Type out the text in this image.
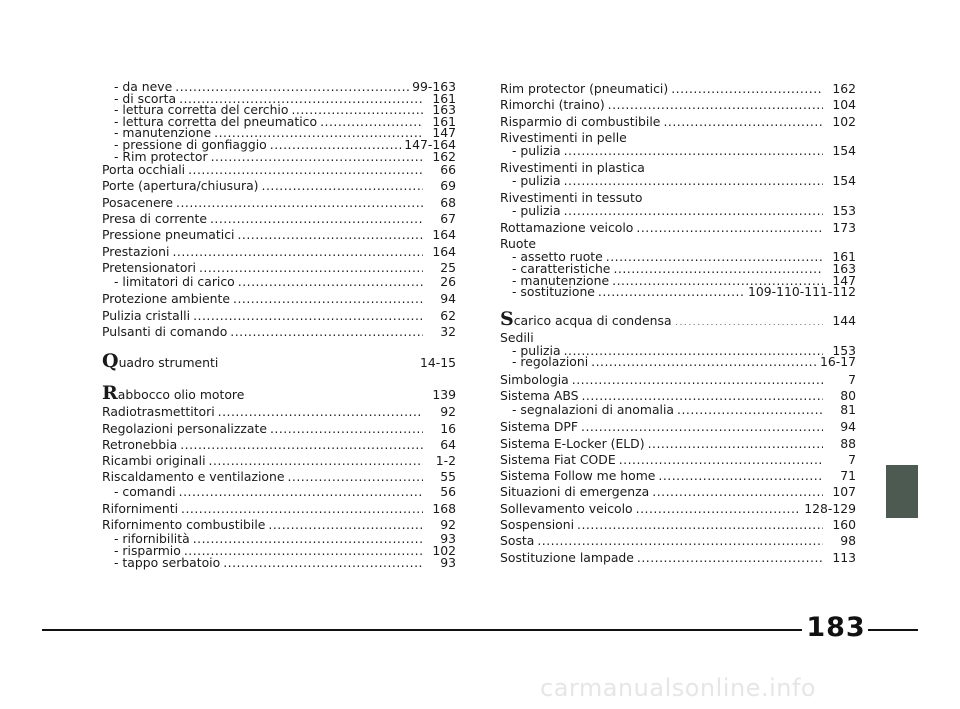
- da neve .....	99-163
- di scorta .....	161
- lettura corretta del cerchio .....	163
- lettura corretta del pneumatico .....	161
- manutenzione .....	147
- pressione di gonfiaggio .....	147-164
- Rim protector .....	162
Porta occhiali .....	66
Porte (apertura/chiusura) .....	69
Posacenere .....	68
Presa di corrente .....	67
Pressione pneumatici .....	164
Prestazioni .....	164
Pretensionatori .....	25
- limitatori di carico .....	26
Protezione ambiente .....	94
Pulizia cristalli .....	62
Pulsanti di comando .....	32
Quadro strumenti .....	14-15
Rabbocco olio motore .....	139
Radiotrasmettitori .....	92
Regolazioni personalizzate .....	16
Retronebbia .....	64
Ricambi originali .....	1-2
Riscaldamento e ventilazione .....	55
- comandi .....	56
Rifornimenti .....	168
Rifornimento combustibile .....	92
- rifornibilità .....	93
- risparmio .....	102
- tappo serbatoio .....	93
Rim protector (pneumatici) .....	162
Rimorchi (traino) .....	104
Risparmio di combustibile .....	102
Rivestimenti in pelle
- pulizia .....	154
Rivestimenti in plastica
- pulizia .....	154
Rivestimenti in tessuto
- pulizia .....	153
Rottamazione veicolo .....	173
Ruote
- assetto ruote .....	161
- caratteristiche .....	163
- manutenzione .....	147
- sostituzione .....	109-110-111-112
Scarico acqua di condensa .....	144
Sedili
- pulizia .....	153
- regolazioni .....	16-17
Simbologia .....	7
Sistema ABS .....	80
- segnalazioni di anomalia .....	81
Sistema DPF .....	94
Sistema E-Locker (ELD) .....	88
Sistema Fiat CODE .....	7
Sistema Follow me home .....	71
Situazioni di emergenza .....	107
Sollevamento veicolo .....	128-129
Sospensioni .....	160
Sosta .....	98
Sostituzione lampade .....	113
183
carmanualsonline.info
